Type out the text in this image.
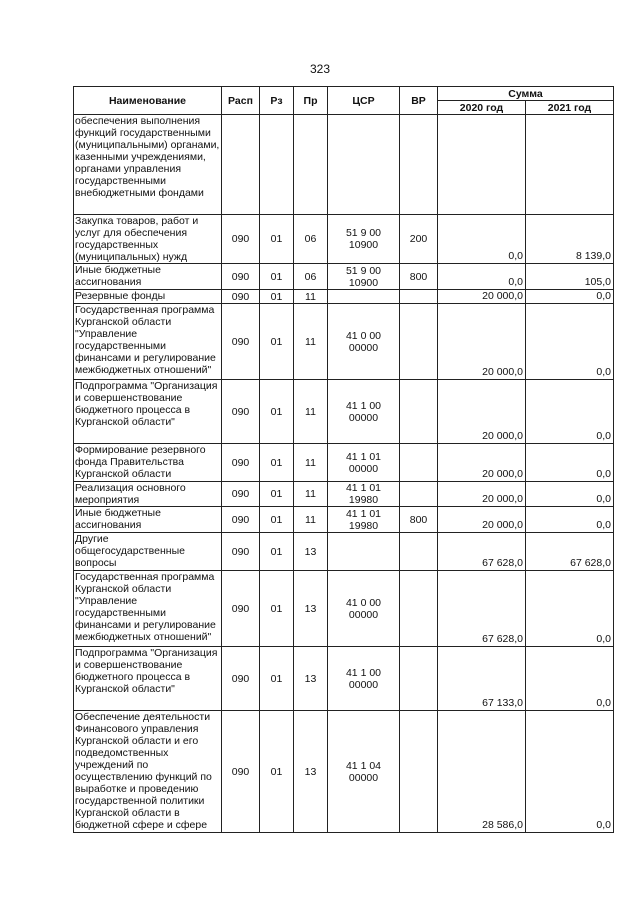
323
Наименование	Расп	Рз	Пр	ЦСР	ВР	Сумма	
						2020 год	2021 год
обеспечения выполнения функций государственными (муниципальными) органами, казенными учреждениями, органами управления государственными внебюджетными фондами							
Закупка товаров, работ и услуг для обеспечения государственных (муниципальных) нужд	090	01	06	51 9 00 10900	200	0,0	8 139,0
Иные бюджетные ассигнования	090	01	06	51 9 00 10900	800	0,0	105,0
Резервные фонды	090	01	11			20 000,0	0,0
Государственная программа Курганской области "Управление государственными финансами и регулирование межбюджетных отношений"	090	01	11	41 0 00 00000		20 000,0	0,0
Подпрограмма "Организация и совершенствование бюджетного процесса в Курганской области"	090	01	11	41 1 00 00000		20 000,0	0,0
Формирование резервного фонда Правительства Курганской области	090	01	11	41 1 01 00000		20 000,0	0,0
Реализация основного мероприятия	090	01	11	41 1 01 19980		20 000,0	0,0
Иные бюджетные ассигнования	090	01	11	41 1 01 19980	800	20 000,0	0,0
Другие общегосударственные вопросы	090	01	13			67 628,0	67 628,0
Государственная программа Курганской области "Управление государственными финансами и регулирование межбюджетных отношений"	090	01	13	41 0 00 00000		67 628,0	0,0
Подпрограмма "Организация и совершенствование бюджетного процесса в Курганской области"	090	01	13	41 1 00 00000		67 133,0	0,0
Обеспечение деятельности Финансового управления Курганской области и его подведомственных учреждений по осуществлению функций по выработке и проведению государственной политики Курганской области в бюджетной сфере и сфере	090	01	13	41 1 04 00000		28 586,0	0,0
